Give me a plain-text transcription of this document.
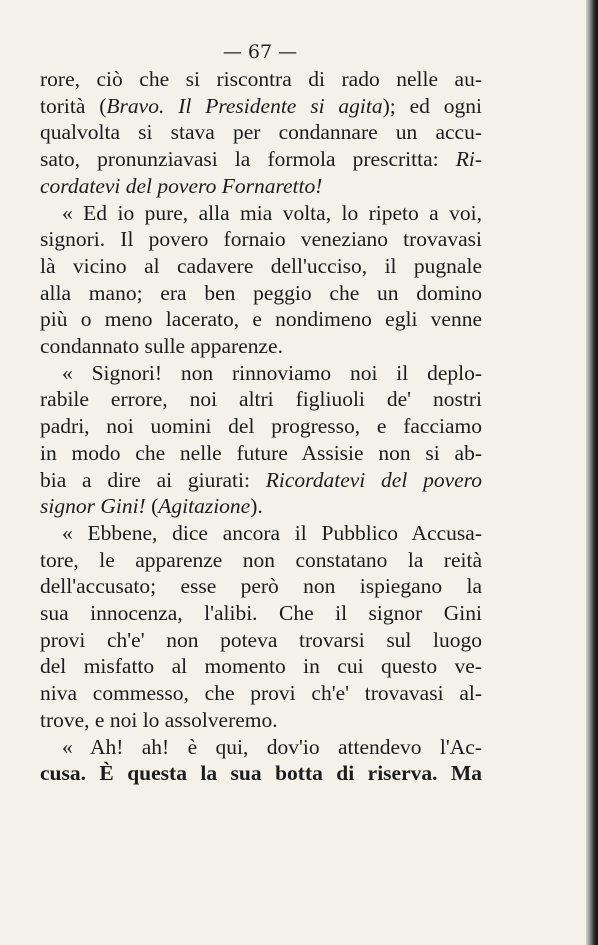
— 67 —
rore, ciò che si riscontra di rado nelle au-
torità (Bravo. Il Presidente si agita); ed ogni
qualvolta si stava per condannare un accu-
sato, pronunziavasi la formola prescritta: Ri-
cordatevi del povero Fornaretto!
« Ed io pure, alla mia volta, lo ripeto a voi,
signori. Il povero fornaio veneziano trovavasi
là vicino al cadavere dell'ucciso, il pugnale
alla mano; era ben peggio che un domino
più o meno lacerato, e nondimeno egli venne
condannato sulle apparenze.
« Signori! non rinnoviamo noi il deplo-
rabile errore, noi altri figliuoli de' nostri
padri, noi uomini del progresso, e facciamo
in modo che nelle future Assisie non si ab-
bia a dire ai giurati: Ricordatevi del povero
signor Gini! (Agitazione).
« Ebbene, dice ancora il Pubblico Accusa-
tore, le apparenze non constatano la reità
dell'accusato; esse però non ispiegano la
sua innocenza, l'alibi. Che il signor Gini
provi ch'e' non poteva trovarsi sul luogo
del misfatto al momento in cui questo ve-
niva commesso, che provi ch'e' trovavasi al-
trove, e noi lo assolveremo.
« Ah! ah! è qui, dov'io attendevo l'Ac-
cusa. È questa la sua botta di riserva. Ma
